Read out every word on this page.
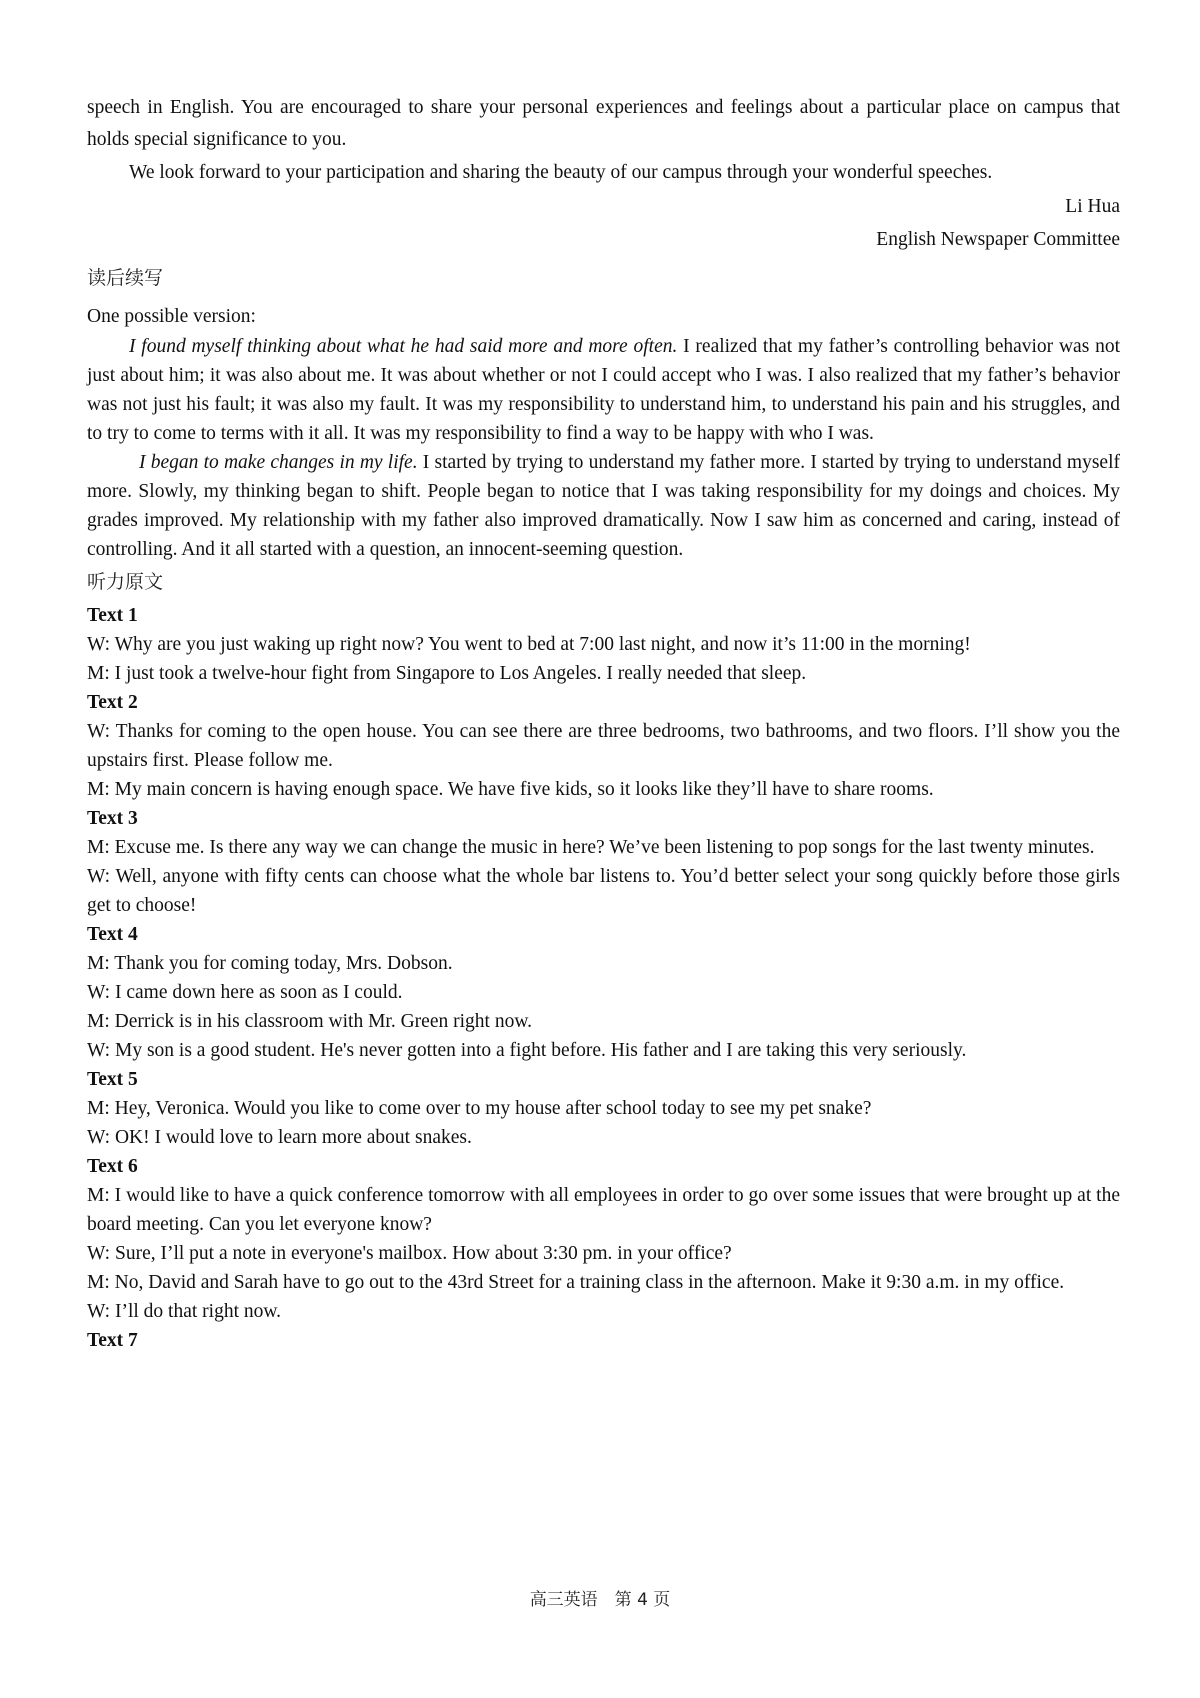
speech in English. You are encouraged to share your personal experiences and feelings about a particular place on campus that holds special significance to you.

We look forward to your participation and sharing the beauty of our campus through your wonderful speeches.

Li Hua

English Newspaper Committee

读后续写

One possible version:

I found myself thinking about what he had said more and more often. I realized that my father’s controlling behavior was not just about him; it was also about me. It was about whether or not I could accept who I was. I also realized that my father’s behavior was not just his fault; it was also my fault. It was my responsibility to understand him, to understand his pain and his struggles, and to try to come to terms with it all. It was my responsibility to find a way to be happy with who I was.

I began to make changes in my life. I started by trying to understand my father more. I started by trying to understand myself more. Slowly, my thinking began to shift. People began to notice that I was taking responsibility for my doings and choices. My grades improved. My relationship with my father also improved dramatically. Now I saw him as concerned and caring, instead of controlling. And it all started with a question, an innocent-seeming question.

听力原文

Text 1

W: Why are you just waking up right now? You went to bed at 7:00 last night, and now it’s 11:00 in the morning!

M: I just took a twelve-hour fight from Singapore to Los Angeles. I really needed that sleep.

Text 2

W: Thanks for coming to the open house. You can see there are three bedrooms, two bathrooms, and two floors. I’ll show you the upstairs first. Please follow me.

M: My main concern is having enough space. We have five kids, so it looks like they’ll have to share rooms.

Text 3

M: Excuse me. Is there any way we can change the music in here? We’ve been listening to pop songs for the last twenty minutes.

W: Well, anyone with fifty cents can choose what the whole bar listens to. You’d better select your song quickly before those girls get to choose!

Text 4

M: Thank you for coming today, Mrs. Dobson.

W: I came down here as soon as I could.

M: Derrick is in his classroom with Mr. Green right now.

W: My son is a good student. He's never gotten into a fight before. His father and I are taking this very seriously.

Text 5

M: Hey, Veronica. Would you like to come over to my house after school today to see my pet snake?

W: OK! I would love to learn more about snakes.

Text 6

M: I would like to have a quick conference tomorrow with all employees in order to go over some issues that were brought up at the board meeting. Can you let everyone know?

W: Sure, I’ll put a note in everyone's mailbox. How about 3:30 pm. in your office?

M: No, David and Sarah have to go out to the 43rd Street for a training class in the afternoon. Make it 9:30 a.m. in my office.

W: I’ll do that right now.

Text 7

高三英语　第 4 页
